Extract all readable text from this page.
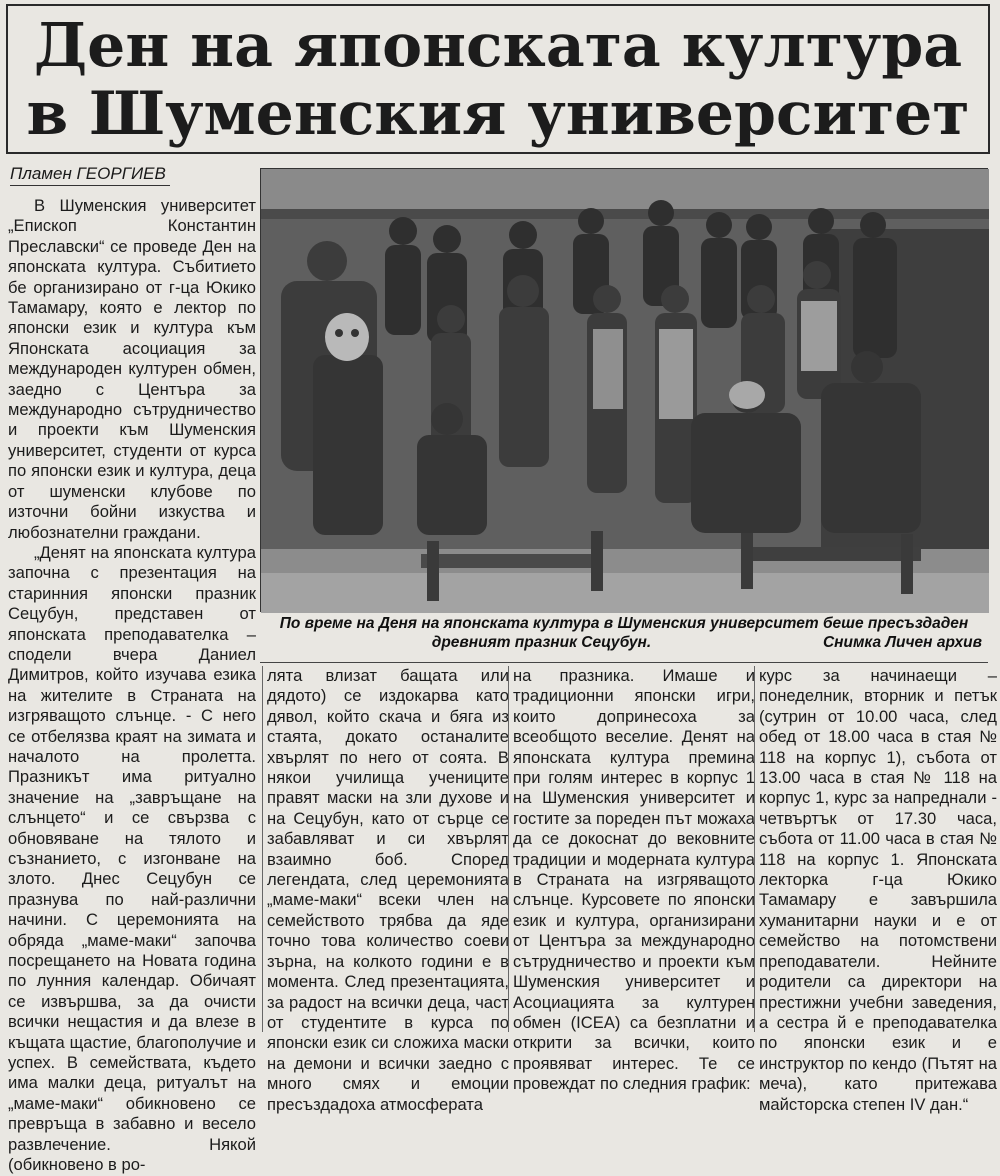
Ден на японската култура
в Шуменския университет
Пламен ГЕОРГИЕВ

В Шуменския университет „Епископ Константин Преславски“ се проведе Ден на японската култура. Събитието бе организирано от г-ца Юкико Тамамару, която е лектор по японски език и култура към Японската асоциация за международен културен обмен, заедно с Центъра за международно сътрудничество и проекти към Шуменския университет, студенти от курса по японски език и култура, деца от шуменски клубове по източни бойни изкуства и любознателни граждани.

„Денят на японската култура започна с презентация на старинния японски празник Сецубун, представен от японската преподавателка – сподели вчера Даниел Димитров, който изучава езика на жителите в Страната на изгряващото слънце. - С него се отбелязва краят на зимата и началото на пролетта. Празникът има ритуално значение на „завръщане на слънцето“ и се свързва с обновяване на тялото и съзнанието, с изгонване на злото. Днес Сецубун се празнува по най-различни начини. С церемонията на обряда „маме-маки“ започва посрещането на Новата година по лунния календар. Обичаят се извършва, за да очисти всички нещастия и да влезе в къщата щастие, благополучие и успех. В семействата, където има малки деца, ритуалът на „маме-маки“ обикновено се превръща в забавно и весело развлечение. Някой (обикновено в ро-

По време на Деня на японската култура в Шуменския университет беше пресъздаден древният празник Сецубун.	Снимка Личен архив

лята влизат бащата или дядото) се издокарва като дявол, който скача и бяга из стаята, докато останалите хвърлят по него от соята. В някои училища учениците правят маски на зли духове и на Сецубун, като от сърце се забавляват и си хвърлят взаимно боб. Според легендата, след церемонията „маме-маки“ всеки член на семейството трябва да яде точно това количество соеви зърна, на колкото години е в момента. След презентацията, за радост на всички деца, част от студентите в курса по японски език си сложиха маски на демони и всички заедно с много смях и емоции пресъздадоха атмосферата

на празника. Имаше и традиционни японски игри, които допринесоха за всеобщото веселие. Денят на японската култура премина при голям интерес в корпус 1 на Шуменския университет и гостите за пореден път можаха да се докоснат до вековните традиции и модерната култура в Страната на изгряващото слънце. Курсовете по японски език и култура, организирани от Центъра за международно сътрудничество и проекти към Шуменския университет и Асоциацията за културен обмен (ICEA) са безплатни и открити за всички, които проявяват интерес. Те се провеждат по следния график:

курс за начинаещи – понеделник, вторник и петък (сутрин от 10.00 часа, след обед от 18.00 часа в стая № 118 на корпус 1), събота от 13.00 часа в стая № 118 на корпус 1, курс за напреднали - четвъртък от 17.30 часа, събота от 11.00 часа в стая № 118 на корпус 1. Японската лекторка г-ца Юкико Тамамару е завършила хуманитарни науки и е от семейство на потомствени преподаватели. Нейните родители са директори на престижни учебни заведения, а сестра й е преподавателка по японски език и е инструктор по кендо (Пътят на меча), като притежава майсторска степен IV дан.“
